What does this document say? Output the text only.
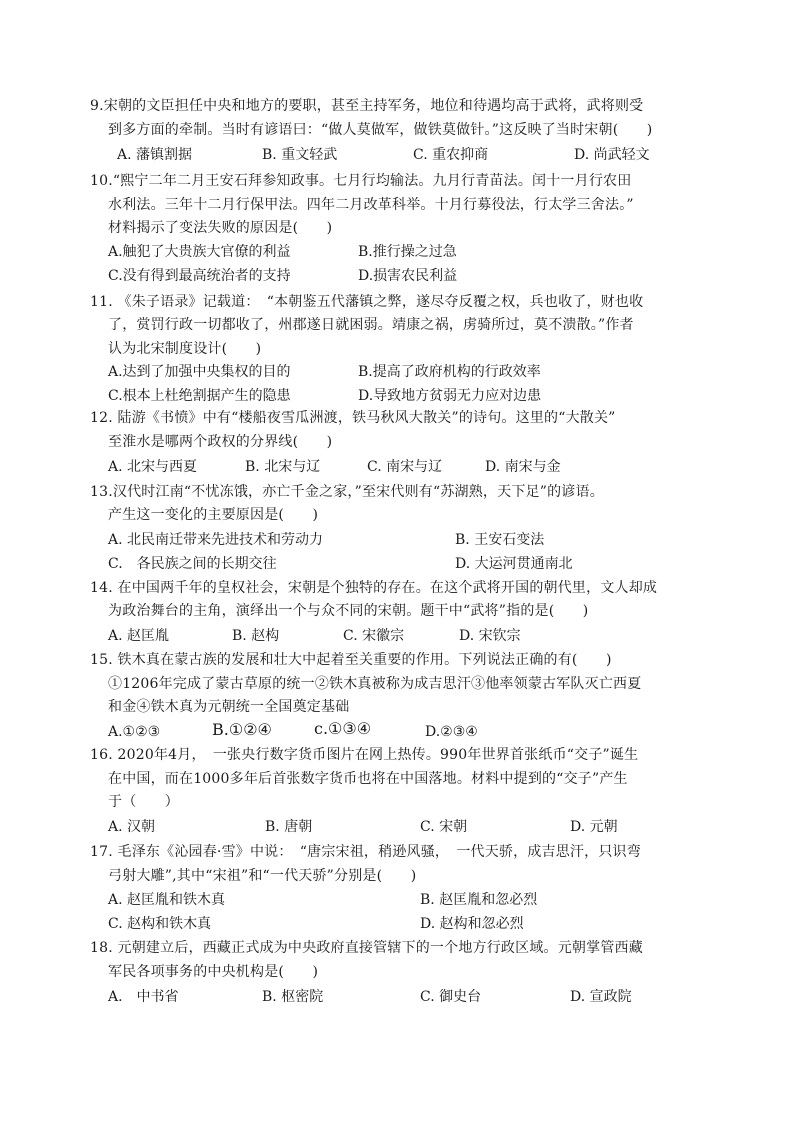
9.宋朝的文臣担任中央和地方的要职，甚至主持军务，地位和待遇均高于武将，武将则受
到多方面的牵制。当时有谚语曰：“做人莫做军，做铁莫做针。”这反映了当时宋朝(　　)
A. 藩镇割据	B. 重文轻武	C. 重农抑商	D. 尚武轻文
10.“熙宁二年二月王安石拜参知政事。七月行均输法。九月行青苗法。闰十一月行农田
水利法。三年十二月行保甲法。四年二月改革科举。十月行募役法，行太学三舍法。”
材料揭示了变法失败的原因是(　　)
A.触犯了大贵族大官僚的利益	B.推行操之过急
C.没有得到最高统治者的支持	D.损害农民利益
11. 《朱子语录》记载道：　“本朝鉴五代藩镇之弊，遂尽夺反覆之权，兵也收了，财也收
了，赏罚行政一切都收了，州郡遂日就困弱。靖康之祸，虏骑所过，莫不溃散。”作者
认为北宋制度设计(　　)
A.达到了加强中央集权的目的	B.提高了政府机构的行政效率
C.根本上杜绝割据产生的隐患	D.导致地方贫弱无力应对边患
12. 陆游《书愤》中有“楼船夜雪瓜洲渡，铁马秋风大散关”的诗句。这里的“大散关”
至淮水是哪两个政权的分界线(　　)
A. 北宋与西夏	B. 北宋与辽	C. 南宋与辽	D. 南宋与金
13.汉代时江南“不忧冻饿，亦亡千金之家，”至宋代则有“苏湖熟，天下足”的谚语。
产生这一变化的主要原因是(　　)
A. 北民南迁带来先进技术和劳动力	B. 王安石变法
C.　各民族之间的长期交往	D. 大运河贯通南北
14. 在中国两千年的皇权社会，宋朝是个独特的存在。在这个武将开国的朝代里，文人却成
为政治舞台的主角，演绎出一个与众不同的宋朝。题干中“武将”指的是(　　)
A. 赵匡胤	B. 赵构	C. 宋徽宗	D. 宋钦宗
15. 铁木真在蒙古族的发展和壮大中起着至关重要的作用。下列说法正确的有(　　)
①1206年完成了蒙古草原的统一②铁木真被称为成吉思汗③他率领蒙古军队灭亡西夏
和金④铁木真为元朝统一全国奠定基础
A.①②③	B.①②④	c.①③④	D.②③④
16. 2020年4月，　一张央行数字货币图片在网上热传。990年世界首张纸币“交子”诞生
在中国，而在1000多年后首张数字货币也将在中国落地。材料中提到的“交子”产生
于（　　）
A. 汉朝	B. 唐朝	C. 宋朝	D. 元朝
17. 毛泽东《沁园春·雪》中说：　“唐宗宋祖，稍逊风骚，　一代天骄，成吉思汗，只识弯
弓射大雕”,其中“宋祖”和“一代天骄”分别是(　　)
A. 赵匡胤和铁木真	B. 赵匡胤和忽必烈
C. 赵构和铁木真	D. 赵构和忽必烈
18. 元朝建立后，西藏正式成为中央政府直接管辖下的一个地方行政区域。元朝掌管西藏
军民各项事务的中央机构是(　　)
A.　中书省	B. 枢密院	C. 御史台	D. 宣政院
